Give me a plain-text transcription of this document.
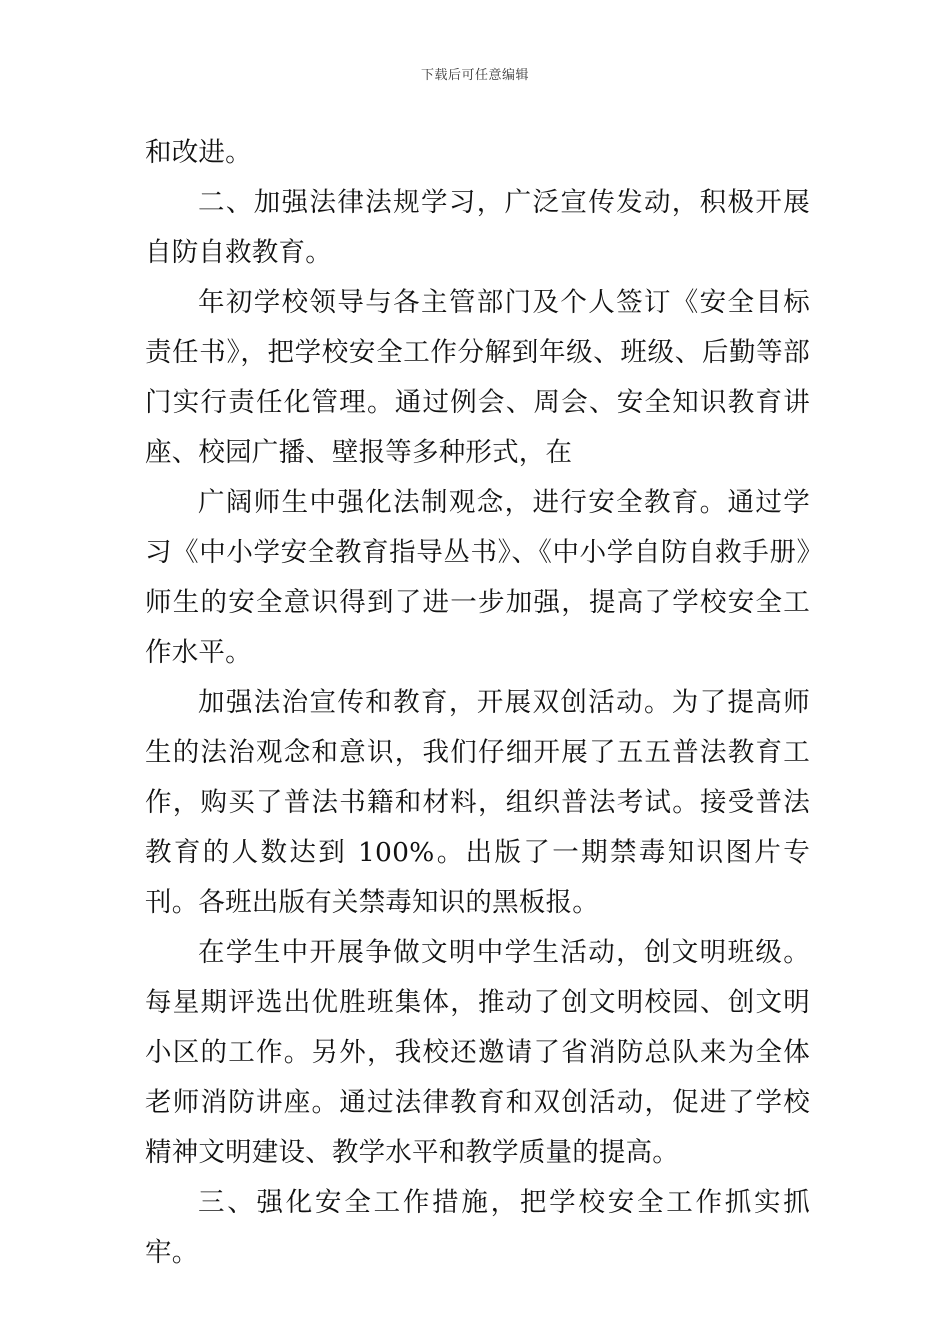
下载后可任意编辑

和改进。

二、加强法律法规学习，广泛宣传发动，积极开展自防自救教育。

年初学校领导与各主管部门及个人签订《安全目标责任书》，把学校安全工作分解到年级、班级、后勤等部门实行责任化管理。通过例会、周会、安全知识教育讲座、校园广播、壁报等多种形式，在

广阔师生中强化法制观念，进行安全教育。通过学习《中小学安全教育指导丛书》、《中小学自防自救手册》师生的安全意识得到了进一步加强，提高了学校安全工作水平。

加强法治宣传和教育，开展双创活动。为了提高师生的法治观念和意识，我们仔细开展了五五普法教育工作，购买了普法书籍和材料，组织普法考试。接受普法教育的人数达到 100%。出版了一期禁毒知识图片专刊。各班出版有关禁毒知识的黑板报。

在学生中开展争做文明中学生活动，创文明班级。每星期评选出优胜班集体，推动了创文明校园、创文明小区的工作。另外，我校还邀请了省消防总队来为全体老师消防讲座。通过法律教育和双创活动，促进了学校精神文明建设、教学水平和教学质量的提高。

三、强化安全工作措施，把学校安全工作抓实抓牢。
